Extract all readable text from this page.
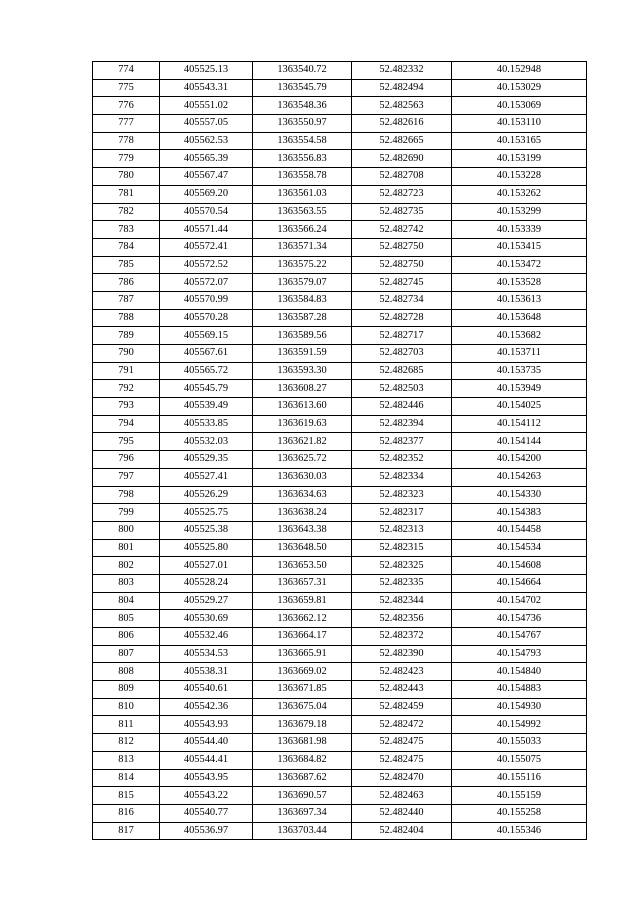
774	405525.13	1363540.72	52.482332	40.152948
775	405543.31	1363545.79	52.482494	40.153029
776	405551.02	1363548.36	52.482563	40.153069
777	405557.05	1363550.97	52.482616	40.153110
778	405562.53	1363554.58	52.482665	40.153165
779	405565.39	1363556.83	52.482690	40.153199
780	405567.47	1363558.78	52.482708	40.153228
781	405569.20	1363561.03	52.482723	40.153262
782	405570.54	1363563.55	52.482735	40.153299
783	405571.44	1363566.24	52.482742	40.153339
784	405572.41	1363571.34	52.482750	40.153415
785	405572.52	1363575.22	52.482750	40.153472
786	405572.07	1363579.07	52.482745	40.153528
787	405570.99	1363584.83	52.482734	40.153613
788	405570.28	1363587.28	52.482728	40.153648
789	405569.15	1363589.56	52.482717	40.153682
790	405567.61	1363591.59	52.482703	40.153711
791	405565.72	1363593.30	52.482685	40.153735
792	405545.79	1363608.27	52.482503	40.153949
793	405539.49	1363613.60	52.482446	40.154025
794	405533.85	1363619.63	52.482394	40.154112
795	405532.03	1363621.82	52.482377	40.154144
796	405529.35	1363625.72	52.482352	40.154200
797	405527.41	1363630.03	52.482334	40.154263
798	405526.29	1363634.63	52.482323	40.154330
799	405525.75	1363638.24	52.482317	40.154383
800	405525.38	1363643.38	52.482313	40.154458
801	405525.80	1363648.50	52.482315	40.154534
802	405527.01	1363653.50	52.482325	40.154608
803	405528.24	1363657.31	52.482335	40.154664
804	405529.27	1363659.81	52.482344	40.154702
805	405530.69	1363662.12	52.482356	40.154736
806	405532.46	1363664.17	52.482372	40.154767
807	405534.53	1363665.91	52.482390	40.154793
808	405538.31	1363669.02	52.482423	40.154840
809	405540.61	1363671.85	52.482443	40.154883
810	405542.36	1363675.04	52.482459	40.154930
811	405543.93	1363679.18	52.482472	40.154992
812	405544.40	1363681.98	52.482475	40.155033
813	405544.41	1363684.82	52.482475	40.155075
814	405543.95	1363687.62	52.482470	40.155116
815	405543.22	1363690.57	52.482463	40.155159
816	405540.77	1363697.34	52.482440	40.155258
817	405536.97	1363703.44	52.482404	40.155346
